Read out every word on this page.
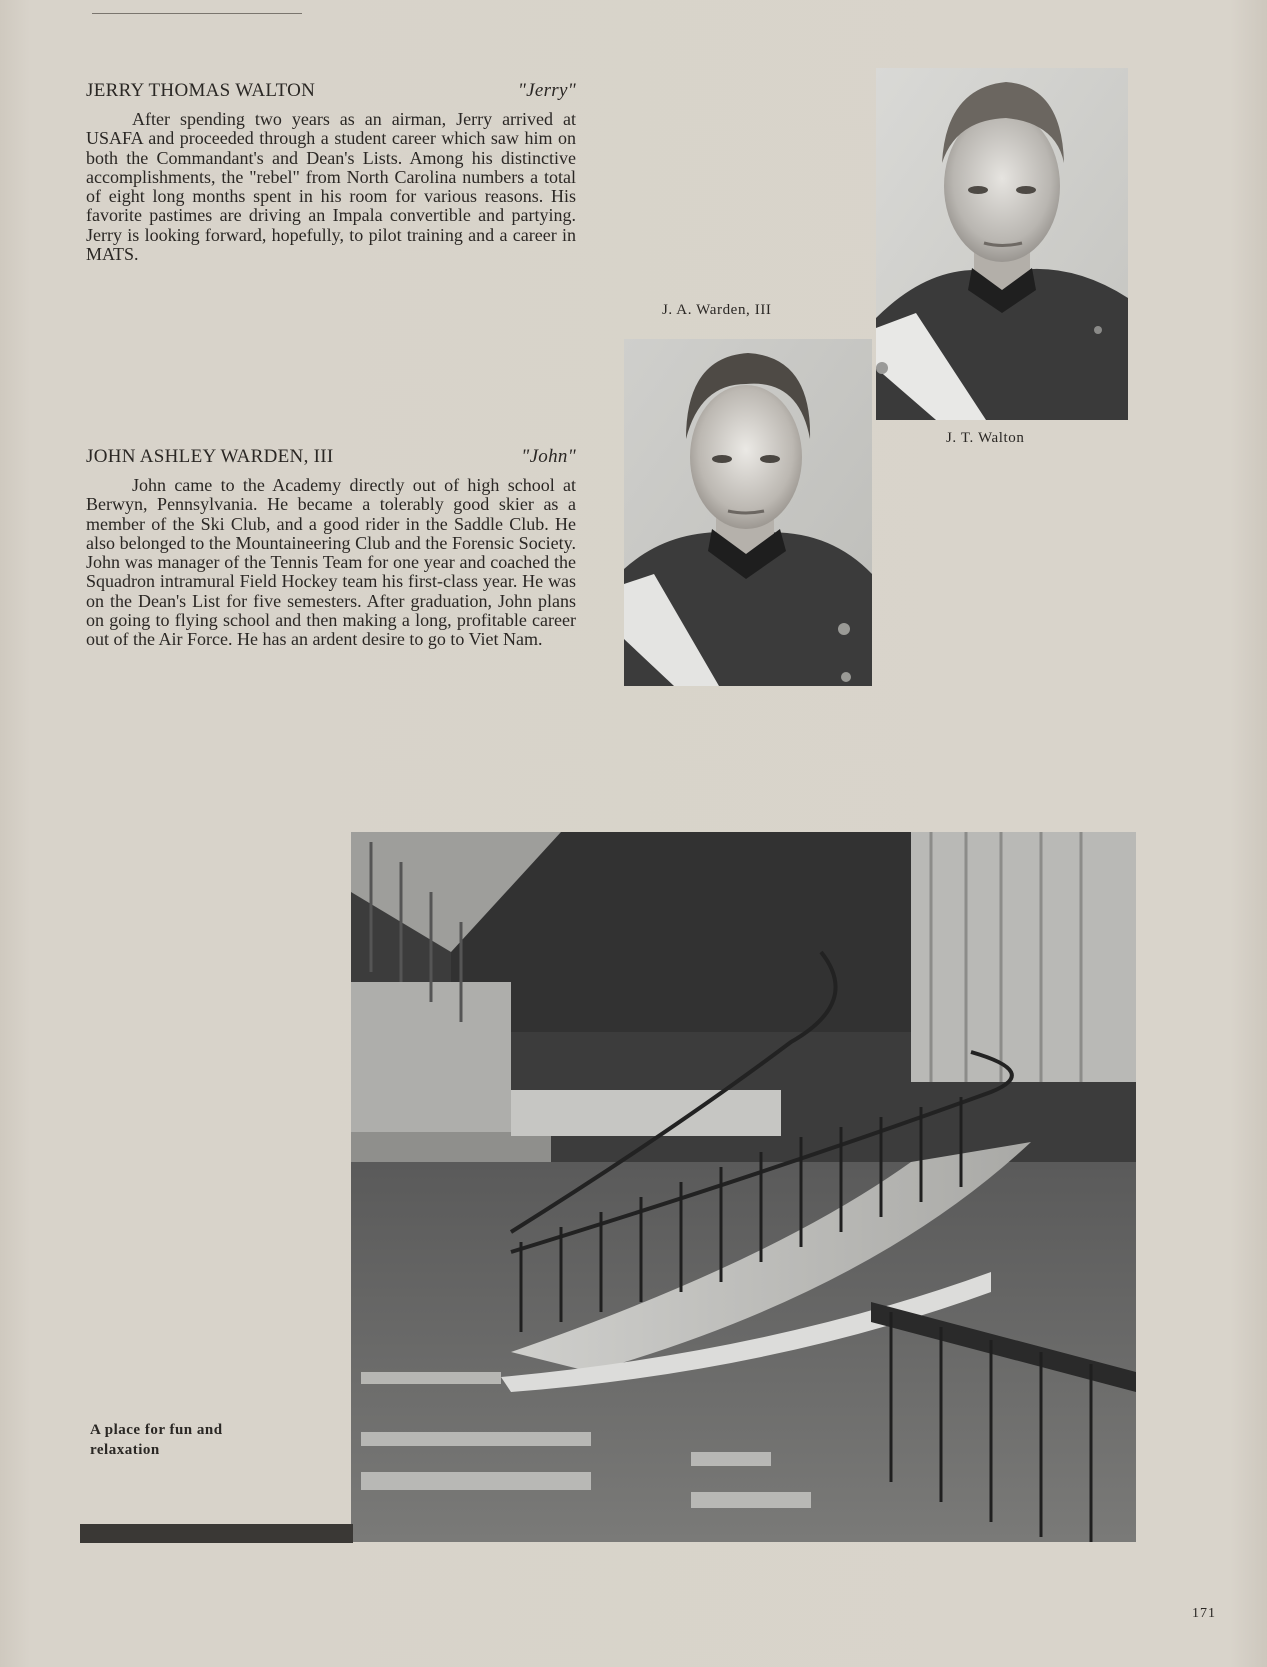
JERRY THOMAS WALTON	"Jerry"

After spending two years as an airman, Jerry arrived at USAFA and proceeded through a student career which saw him on both the Commandant's and Dean's Lists. Among his distinctive accomplishments, the "rebel" from North Carolina numbers a total of eight long months spent in his room for various reasons. His favorite pastimes are driving an Impala convertible and partying. Jerry is looking forward, hopefully, to pilot training and a career in MATS.

JOHN ASHLEY WARDEN, III	"John"

John came to the Academy directly out of high school at Berwyn, Pennsylvania. He became a tolerably good skier as a member of the Ski Club, and a good rider in the Saddle Club. He also belonged to the Mountaineering Club and the Forensic Society. John was manager of the Tennis Team for one year and coached the Squadron intramural Field Hockey team his first-class year. He was on the Dean's List for five semesters. After graduation, John plans on going to flying school and then making a long, profitable career out of the Air Force. He has an ardent desire to go to Viet Nam.

J. T. Walton
J. A. Warden, III
A place for fun and relaxation
171
